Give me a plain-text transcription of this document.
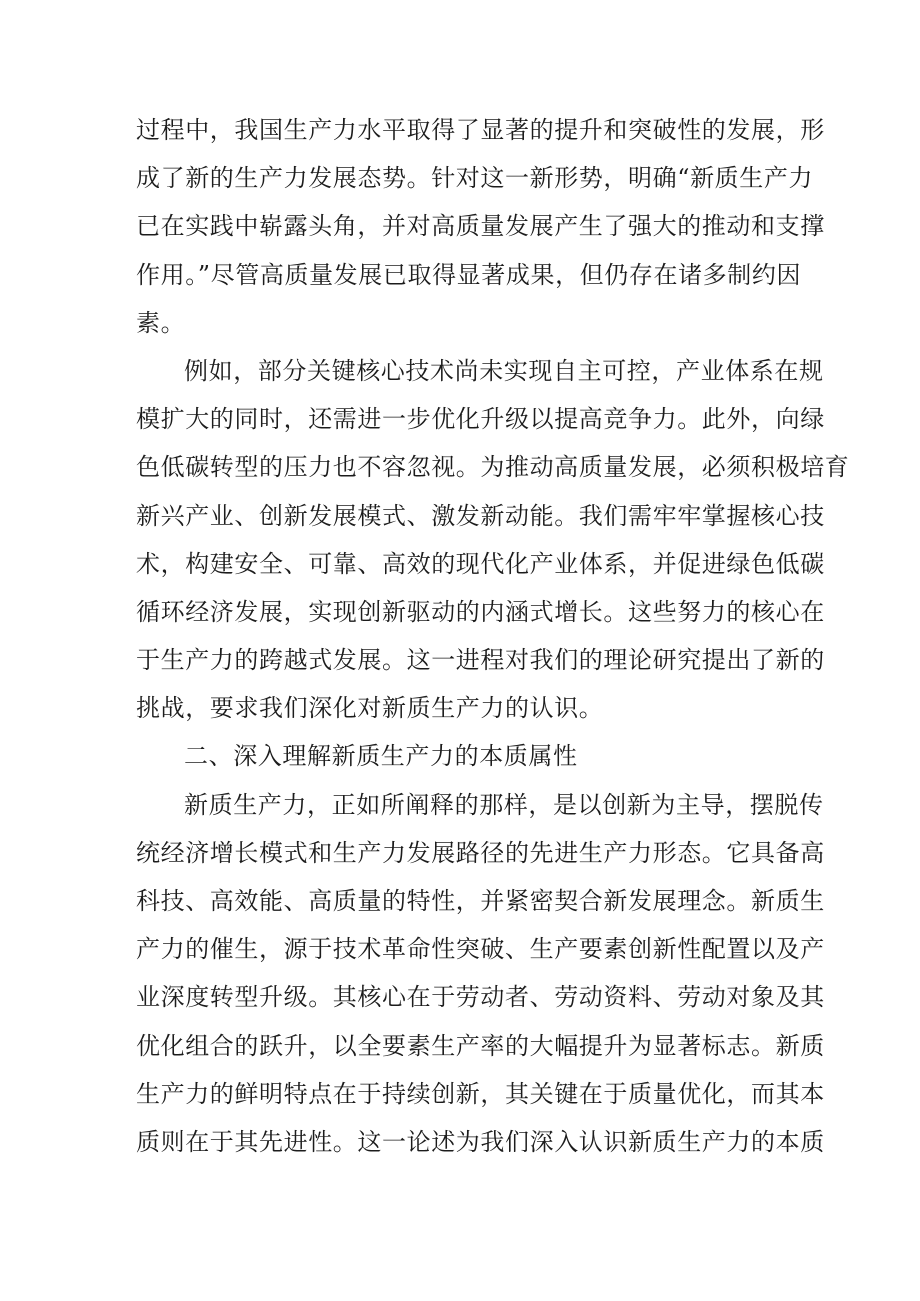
过程中，我国生产力水平取得了显著的提升和突破性的发展，形
成了新的生产力发展态势。针对这一新形势，明确“新质生产力
已在实践中崭露头角，并对高质量发展产生了强大的推动和支撑
作用。”尽管高质量发展已取得显著成果，但仍存在诸多制约因
素。
例如，部分关键核心技术尚未实现自主可控，产业体系在规
模扩大的同时，还需进一步优化升级以提高竞争力。此外，向绿
色低碳转型的压力也不容忽视。为推动高质量发展，必须积极培育
新兴产业、创新发展模式、激发新动能。我们需牢牢掌握核心技
术，构建安全、可靠、高效的现代化产业体系，并促进绿色低碳
循环经济发展，实现创新驱动的内涵式增长。这些努力的核心在
于生产力的跨越式发展。这一进程对我们的理论研究提出了新的
挑战，要求我们深化对新质生产力的认识。
二、深入理解新质生产力的本质属性
新质生产力，正如所阐释的那样，是以创新为主导，摆脱传
统经济增长模式和生产力发展路径的先进生产力形态。它具备高
科技、高效能、高质量的特性，并紧密契合新发展理念。新质生
产力的催生，源于技术革命性突破、生产要素创新性配置以及产
业深度转型升级。其核心在于劳动者、劳动资料、劳动对象及其
优化组合的跃升，以全要素生产率的大幅提升为显著标志。新质
生产力的鲜明特点在于持续创新，其关键在于质量优化，而其本
质则在于其先进性。这一论述为我们深入认识新质生产力的本质
